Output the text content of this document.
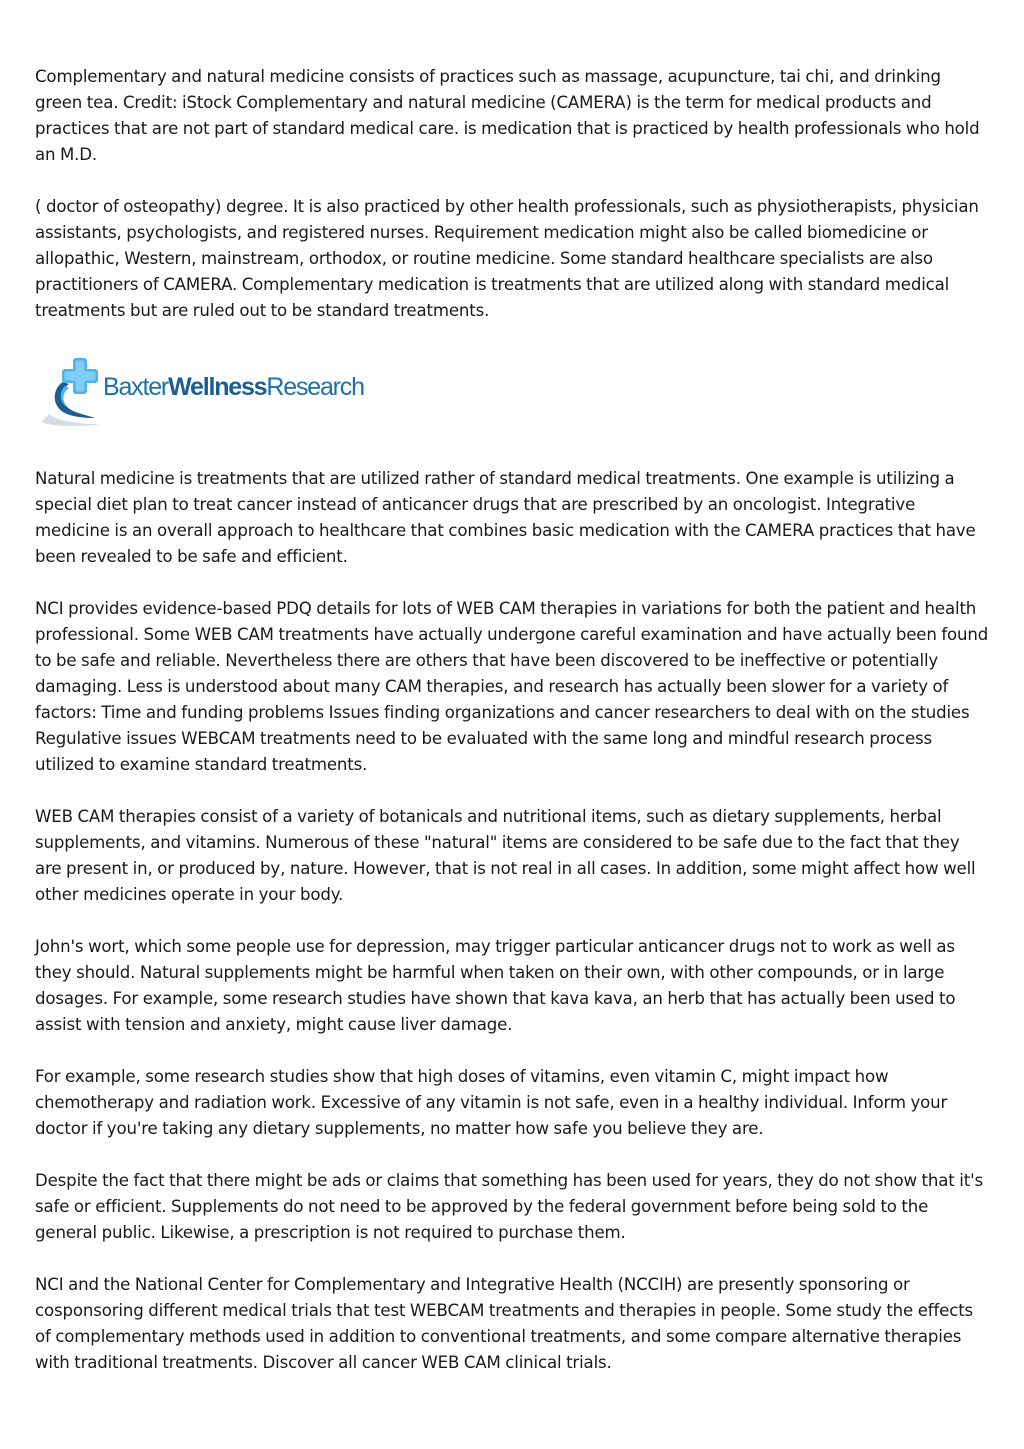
Complementary and natural medicine consists of practices such as massage, acupuncture, tai chi, and drinking green tea. Credit: iStock Complementary and natural medicine (CAMERA) is the term for medical products and practices that are not part of standard medical care. is medication that is practiced by health professionals who hold an M.D.

( doctor of osteopathy) degree. It is also practiced by other health professionals, such as physiotherapists, physician assistants, psychologists, and registered nurses. Requirement medication might also be called biomedicine or allopathic, Western, mainstream, orthodox, or routine medicine. Some standard healthcare specialists are also practitioners of CAMERA. Complementary medication is treatments that are utilized along with standard medical treatments but are ruled out to be standard treatments.

BaxterWellnessResearch

Natural medicine is treatments that are utilized rather of standard medical treatments. One example is utilizing a special diet plan to treat cancer instead of anticancer drugs that are prescribed by an oncologist. Integrative medicine is an overall approach to healthcare that combines basic medication with the CAMERA practices that have been revealed to be safe and efficient.

NCI provides evidence-based PDQ details for lots of WEB CAM therapies in variations for both the patient and health professional. Some WEB CAM treatments have actually undergone careful examination and have actually been found to be safe and reliable. Nevertheless there are others that have been discovered to be ineffective or potentially damaging. Less is understood about many CAM therapies, and research has actually been slower for a variety of factors: Time and funding problems Issues finding organizations and cancer researchers to deal with on the studies Regulative issues WEBCAM treatments need to be evaluated with the same long and mindful research process utilized to examine standard treatments.

WEB CAM therapies consist of a variety of botanicals and nutritional items, such as dietary supplements, herbal supplements, and vitamins. Numerous of these "natural" items are considered to be safe due to the fact that they are present in, or produced by, nature. However, that is not real in all cases. In addition, some might affect how well other medicines operate in your body.

John's wort, which some people use for depression, may trigger particular anticancer drugs not to work as well as they should. Natural supplements might be harmful when taken on their own, with other compounds, or in large dosages. For example, some research studies have shown that kava kava, an herb that has actually been used to assist with tension and anxiety, might cause liver damage.

For example, some research studies show that high doses of vitamins, even vitamin C, might impact how chemotherapy and radiation work. Excessive of any vitamin is not safe, even in a healthy individual. Inform your doctor if you're taking any dietary supplements, no matter how safe you believe they are.

Despite the fact that there might be ads or claims that something has been used for years, they do not show that it's safe or efficient. Supplements do not need to be approved by the federal government before being sold to the general public. Likewise, a prescription is not required to purchase them.

NCI and the National Center for Complementary and Integrative Health (NCCIH) are presently sponsoring or cosponsoring different medical trials that test WEBCAM treatments and therapies in people. Some study the effects of complementary methods used in addition to conventional treatments, and some compare alternative therapies with traditional treatments. Discover all cancer WEB CAM clinical trials.
